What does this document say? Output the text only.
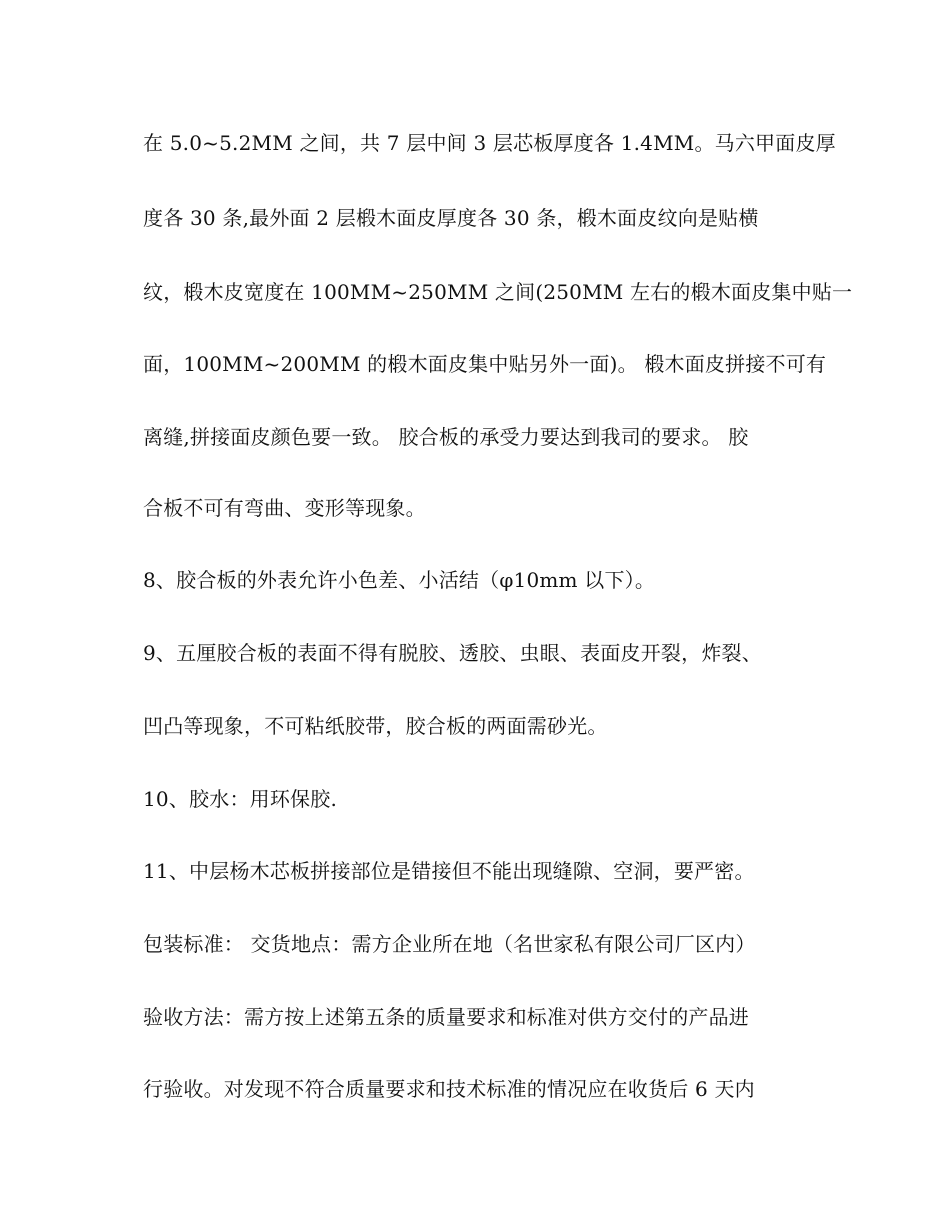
在 5.0~5.2MM 之间，共 7 层中间 3 层芯板厚度各 1.4MM。马六甲面皮厚
度各 30 条,最外面 2 层椴木面皮厚度各 30 条，椴木面皮纹向是贴横
纹，椴木皮宽度在 100MM~250MM 之间(250MM 左右的椴木面皮集中贴一
面，100MM~200MM 的椴木面皮集中贴另外一面)。 椴木面皮拼接不可有
离缝,拼接面皮颜色要一致。 胶合板的承受力要达到我司的要求。 胶
合板不可有弯曲、变形等现象。
8、胶合板的外表允许小色差、小活结（φ10mm 以下）。
9、五厘胶合板的表面不得有脱胶、透胶、虫眼、表面皮开裂，炸裂、
凹凸等现象，不可粘纸胶带，胶合板的两面需砂光。
10、胶水：用环保胶.
11、中层杨木芯板拼接部位是错接但不能出现缝隙、空洞，要严密。
包装标准： 交货地点：需方企业所在地（名世家私有限公司厂区内）
验收方法：需方按上述第五条的质量要求和标准对供方交付的产品进
行验收。对发现不符合质量要求和技术标准的情况应在收货后 6 天内
